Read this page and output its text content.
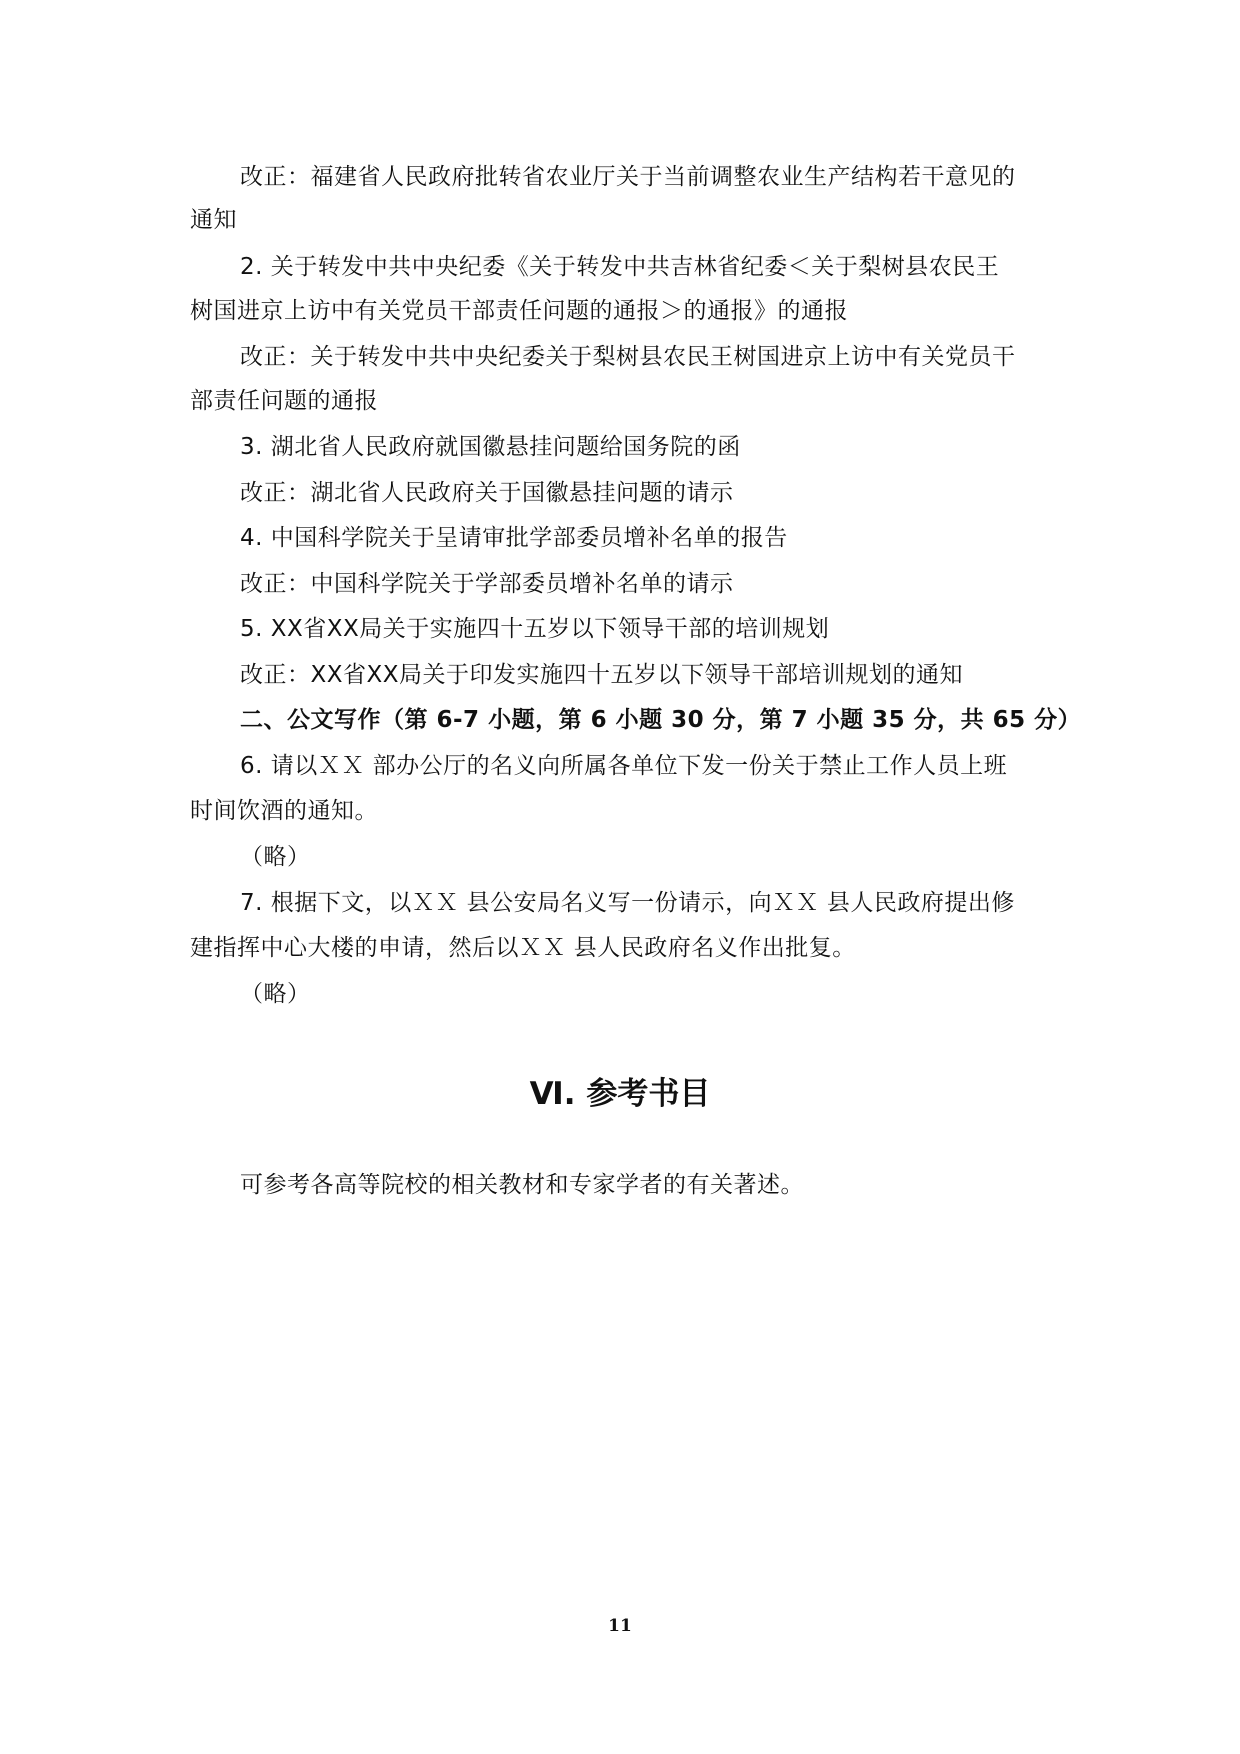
改正：福建省人民政府批转省农业厅关于当前调整农业生产结构若干意见的
通知
2. 关于转发中共中央纪委《关于转发中共吉林省纪委＜关于梨树县农民王
树国进京上访中有关党员干部责任问题的通报＞的通报》的通报
改正：关于转发中共中央纪委关于梨树县农民王树国进京上访中有关党员干
部责任问题的通报
3. 湖北省人民政府就国徽悬挂问题给国务院的函
改正：湖北省人民政府关于国徽悬挂问题的请示
4. 中国科学院关于呈请审批学部委员增补名单的报告
改正：中国科学院关于学部委员增补名单的请示
5. XX省XX局关于实施四十五岁以下领导干部的培训规划
改正：XX省XX局关于印发实施四十五岁以下领导干部培训规划的通知
二、公文写作（第 6-7 小题，第 6 小题 30 分，第 7 小题 35 分，共 65 分）
6. 请以ＸＸ 部办公厅的名义向所属各单位下发一份关于禁止工作人员上班
时间饮酒的通知。
（略）
7. 根据下文，以ＸＸ 县公安局名义写一份请示，向ＸＸ 县人民政府提出修
建指挥中心大楼的申请，然后以ＸＸ 县人民政府名义作出批复。
（略）
Ⅵ. 参考书目
可参考各高等院校的相关教材和专家学者的有关著述。
11
